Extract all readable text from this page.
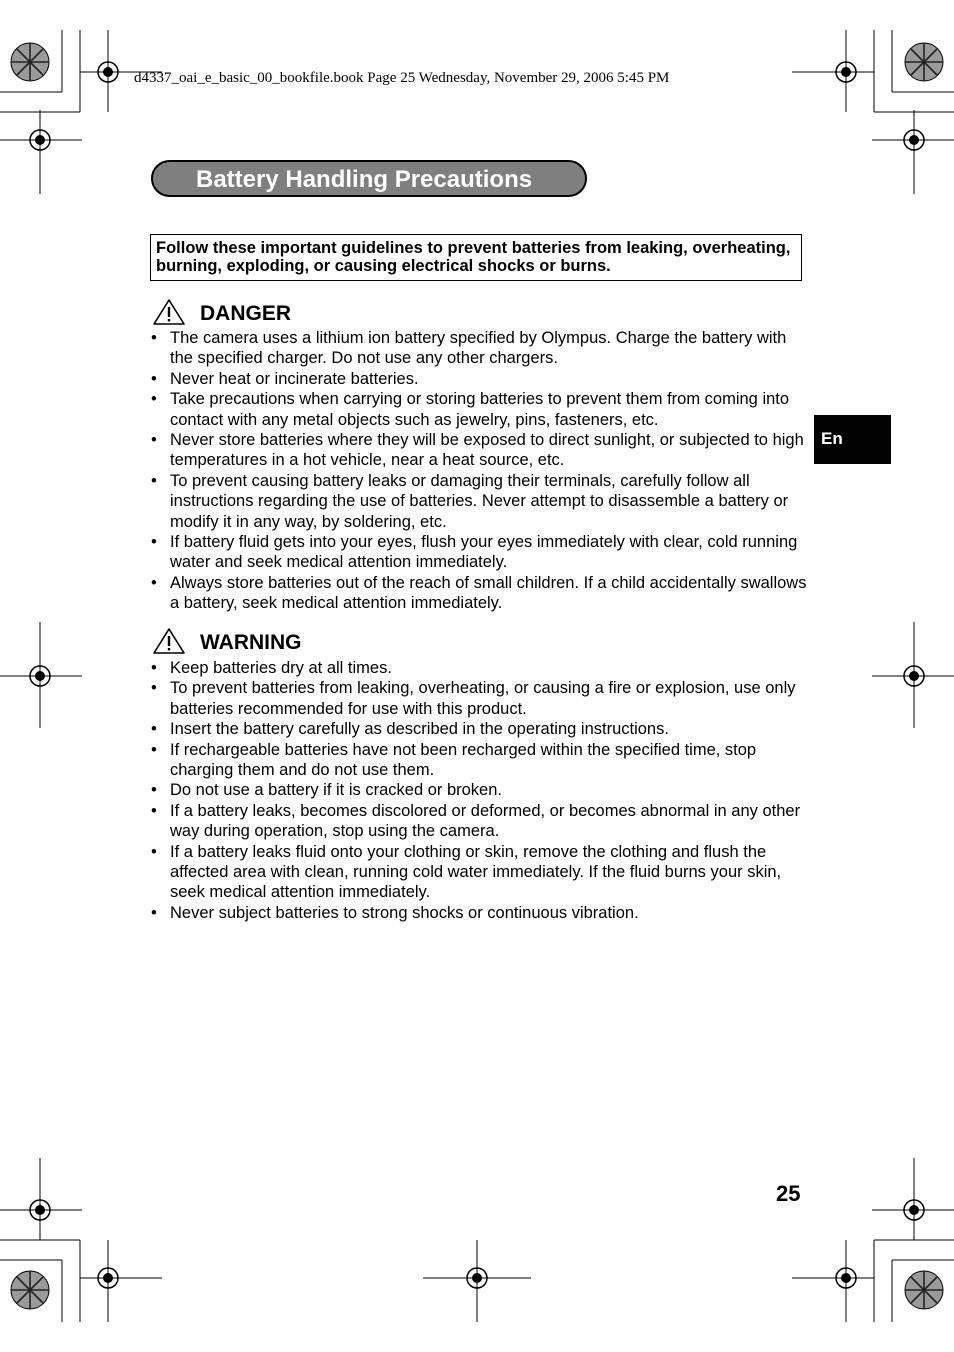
d4337_oai_e_basic_00_bookfile.book Page 25 Wednesday, November 29, 2006 5:45 PM

Battery Handling Precautions

Follow these important guidelines to prevent batteries from leaking, overheating, burning, exploding, or causing electrical shocks or burns.

DANGER
• The camera uses a lithium ion battery specified by Olympus. Charge the battery with the specified charger. Do not use any other chargers.
• Never heat or incinerate batteries.
• Take precautions when carrying or storing batteries to prevent them from coming into contact with any metal objects such as jewelry, pins, fasteners, etc.
• Never store batteries where they will be exposed to direct sunlight, or subjected to high temperatures in a hot vehicle, near a heat source, etc.
• To prevent causing battery leaks or damaging their terminals, carefully follow all instructions regarding the use of batteries. Never attempt to disassemble a battery or modify it in any way, by soldering, etc.
• If battery fluid gets into your eyes, flush your eyes immediately with clear, cold running water and seek medical attention immediately.
• Always store batteries out of the reach of small children. If a child accidentally swallows a battery, seek medical attention immediately.
WARNING
• Keep batteries dry at all times.
• To prevent batteries from leaking, overheating, or causing a fire or explosion, use only batteries recommended for use with this product.
• Insert the battery carefully as described in the operating instructions.
• If rechargeable batteries have not been recharged within the specified time, stop charging them and do not use them.
• Do not use a battery if it is cracked or broken.
• If a battery leaks, becomes discolored or deformed, or becomes abnormal in any other way during operation, stop using the camera.
• If a battery leaks fluid onto your clothing or skin, remove the clothing and flush the affected area with clean, running cold water immediately. If the fluid burns your skin, seek medical attention immediately.
• Never subject batteries to strong shocks or continuous vibration.
En

25
